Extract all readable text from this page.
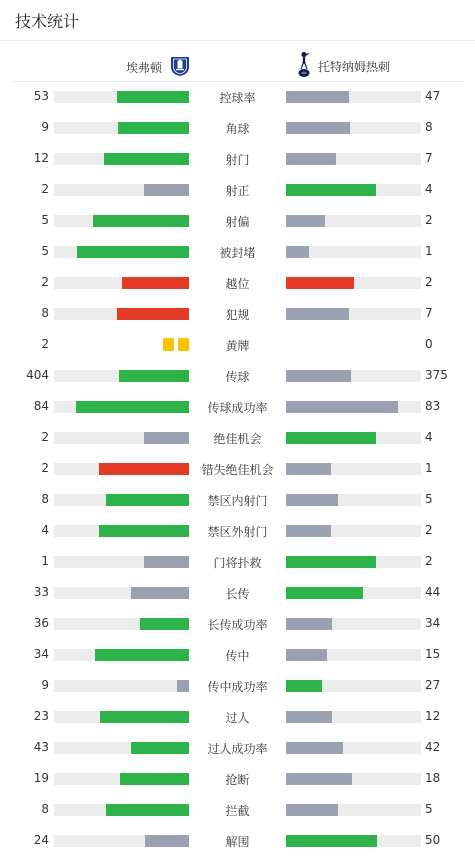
技术统计
埃弗顿	托特纳姆热刺
53	控球率	47
9	角球	8
12	射门	7
2	射正	4
5	射偏	2
5	被封堵	1
2	越位	2
8	犯规	7
2	黄牌	0
404	传球	375
84	传球成功率	83
2	绝佳机会	4
2	错失绝佳机会	1
8	禁区内射门	5
4	禁区外射门	2
1	门将扑救	2
33	长传	44
36	长传成功率	34
34	传中	15
9	传中成功率	27
23	过人	12
43	过人成功率	42
19	抢断	18
8	拦截	5
24	解围	50
